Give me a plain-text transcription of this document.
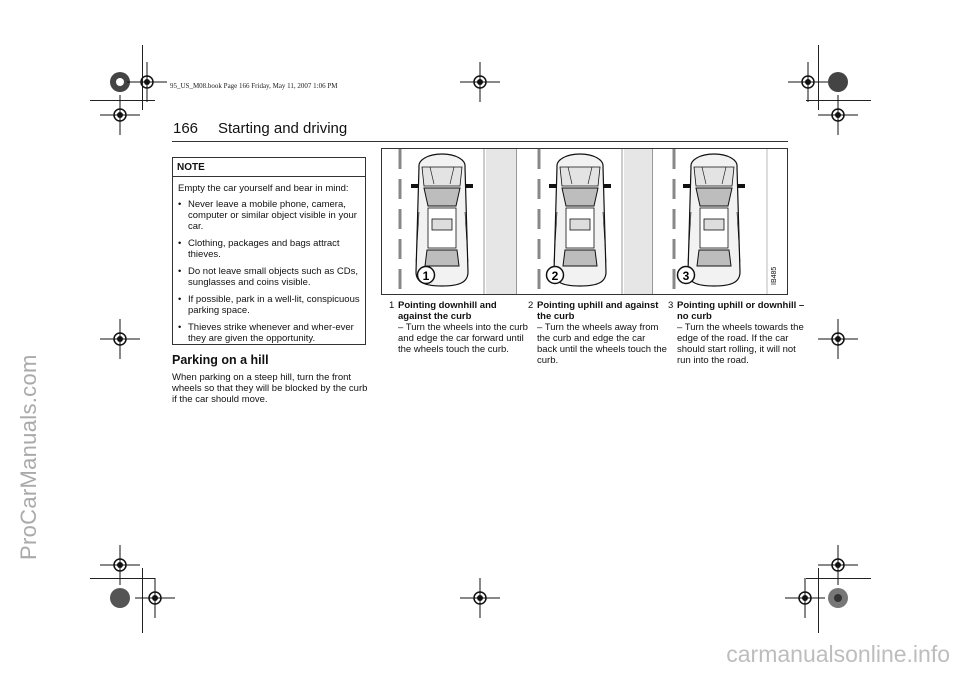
95_US_M08.book Page 166 Friday, May 11, 2007 1:06 PM
ProCarManuals.com
carmanualsonline.info
166 Starting and driving
NOTE
Empty the car yourself and bear in mind:
• Never leave a mobile phone, camera, computer or similar object visible in your car.
• Clothing, packages and bags attract thieves.
• Do not leave small objects such as CDs, sunglasses and coins visible.
• If possible, park in a well-lit, conspicuous parking space.
• Thieves strike whenever and wher-ever they are given the opportunity.
Parking on a hill
When parking on a steep hill, turn the front wheels so that they will be blocked by the curb if the car should move.
1	2	3	IB485
1 Pointing downhill and against the curb
– Turn the wheels into the curb and edge the car forward until the wheels touch the curb.
2 Pointing uphill and against the curb
– Turn the wheels away from the curb and edge the car back until the wheels touch the curb.
3 Pointing uphill or downhill – no curb
– Turn the wheels towards the edge of the road. If the car should start rolling, it will not run into the road.
